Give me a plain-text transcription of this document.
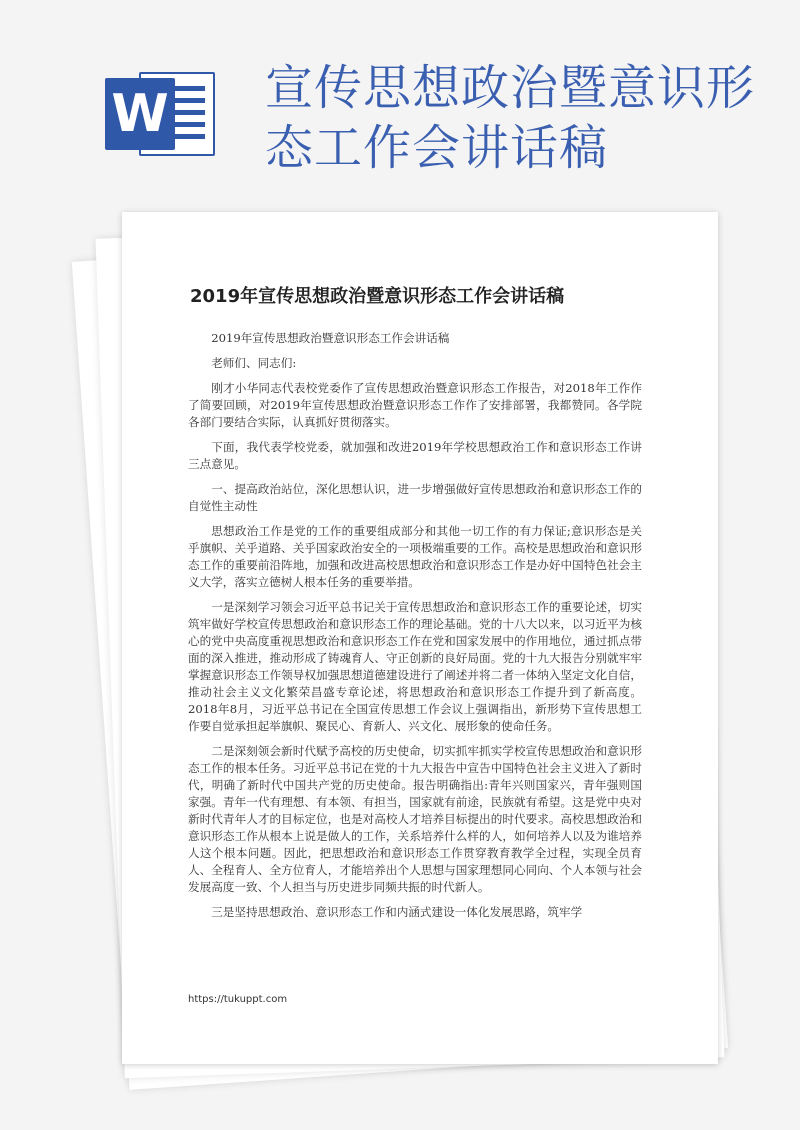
宣传思想政治暨意识形态工作会讲话稿
W
2019年宣传思想政治暨意识形态工作会讲话稿

2019年宣传思想政治暨意识形态工作会讲话稿

老师们、同志们:

刚才小华同志代表校党委作了宣传思想政治暨意识形态工作报告，对2018年工作作了简要回顾，对2019年宣传思想政治暨意识形态工作作了安排部署，我都赞同。各学院各部门要结合实际，认真抓好贯彻落实。

下面，我代表学校党委，就加强和改进2019年学校思想政治工作和意识形态工作讲三点意见。

一、提高政治站位，深化思想认识，进一步增强做好宣传思想政治和意识形态工作的自觉性主动性

思想政治工作是党的工作的重要组成部分和其他一切工作的有力保证;意识形态是关乎旗帜、关乎道路、关乎国家政治安全的一项极端重要的工作。高校是思想政治和意识形态工作的重要前沿阵地，加强和改进高校思想政治和意识形态工作是办好中国特色社会主义大学，落实立德树人根本任务的重要举措。

一是深刻学习领会习近平总书记关于宣传思想政治和意识形态工作的重要论述，切实筑牢做好学校宣传思想政治和意识形态工作的理论基础。党的十八大以来，以习近平为核心的党中央高度重视思想政治和意识形态工作在党和国家发展中的作用地位，通过抓点带面的深入推进，推动形成了铸魂育人、守正创新的良好局面。党的十九大报告分别就牢牢掌握意识形态工作领导权加强思想道德建设进行了阐述并将二者一体纳入坚定文化自信，推动社会主义文化繁荣昌盛专章论述，将思想政治和意识形态工作提升到了新高度。2018年8月，习近平总书记在全国宣传思想工作会议上强调指出，新形势下宣传思想工作要自觉承担起举旗帜、聚民心、育新人、兴文化、展形象的使命任务。

二是深刻领会新时代赋予高校的历史使命，切实抓牢抓实学校宣传思想政治和意识形态工作的根本任务。习近平总书记在党的十九大报告中宣告中国特色社会主义进入了新时代，明确了新时代中国共产党的历史使命。报告明确指出:青年兴则国家兴，青年强则国家强。青年一代有理想、有本领、有担当，国家就有前途，民族就有希望。这是党中央对新时代青年人才的目标定位，也是对高校人才培养目标提出的时代要求。高校思想政治和意识形态工作从根本上说是做人的工作，关系培养什么样的人，如何培养人以及为谁培养人这个根本问题。因此，把思想政治和意识形态工作贯穿教育教学全过程，实现全员育人、全程育人、全方位育人，才能培养出个人思想与国家理想同心同向、个人本领与社会发展高度一致、个人担当与历史进步同频共振的时代新人。

三是坚持思想政治、意识形态工作和内涵式建设一体化发展思路，筑牢学

https://tukuppt.com
